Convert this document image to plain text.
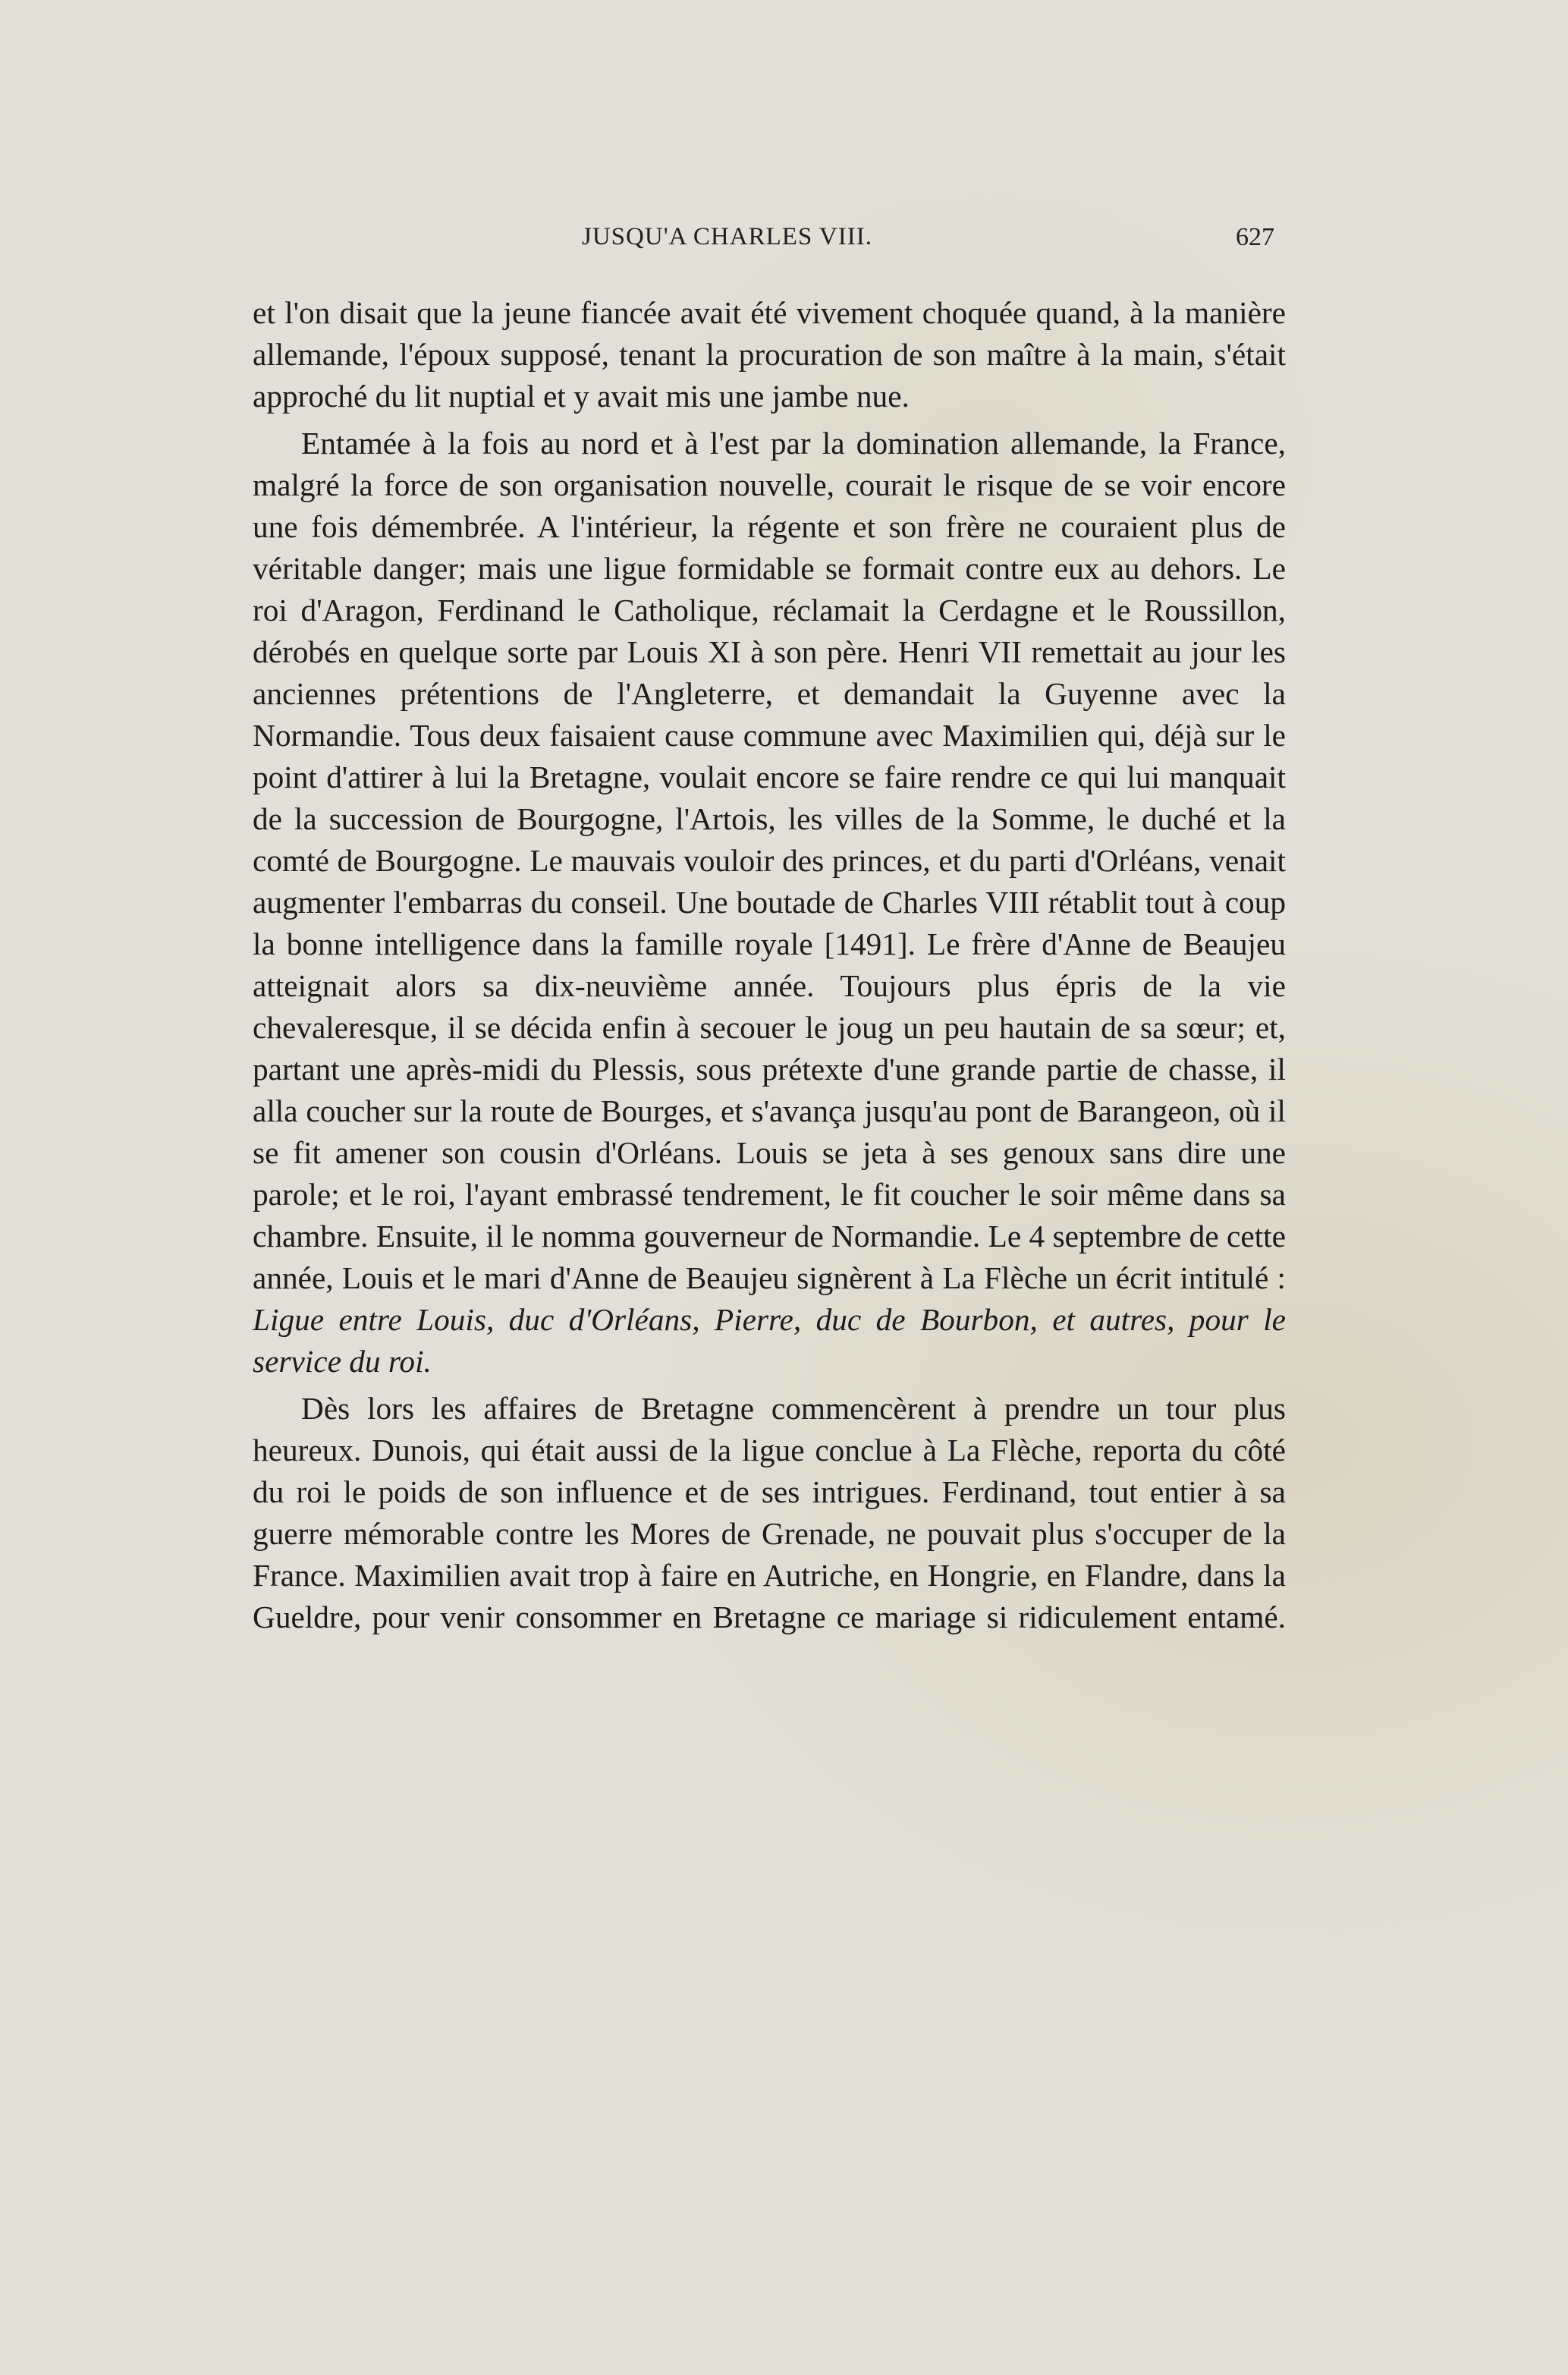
JUSQU'A CHARLES VIII.	627

et l'on disait que la jeune fiancée avait été vivement choquée quand, à la manière allemande, l'époux supposé, tenant la procuration de son maître à la main, s'était approché du lit nuptial et y avait mis une jambe nue.

Entamée à la fois au nord et à l'est par la domination allemande, la France, malgré la force de son organisation nouvelle, courait le risque de se voir encore une fois démembrée. A l'intérieur, la régente et son frère ne couraient plus de véritable danger; mais une ligue formidable se formait contre eux au dehors. Le roi d'Aragon, Ferdinand le Catholique, réclamait la Cerdagne et le Roussillon, dérobés en quelque sorte par Louis XI à son père. Henri VII remettait au jour les anciennes prétentions de l'Angleterre, et demandait la Guyenne avec la Normandie. Tous deux faisaient cause commune avec Maximilien qui, déjà sur le point d'attirer à lui la Bretagne, voulait encore se faire rendre ce qui lui manquait de la succession de Bourgogne, l'Artois, les villes de la Somme, le duché et la comté de Bourgogne. Le mauvais vouloir des princes, et du parti d'Orléans, venait augmenter l'embarras du conseil. Une boutade de Charles VIII rétablit tout à coup la bonne intelligence dans la famille royale [1491]. Le frère d'Anne de Beaujeu atteignait alors sa dix-neuvième année. Toujours plus épris de la vie chevaleresque, il se décida enfin à secouer le joug un peu hautain de sa sœur; et, partant une après-midi du Plessis, sous prétexte d'une grande partie de chasse, il alla coucher sur la route de Bourges, et s'avança jusqu'au pont de Barangeon, où il se fit amener son cousin d'Orléans. Louis se jeta à ses genoux sans dire une parole; et le roi, l'ayant embrassé tendrement, le fit coucher le soir même dans sa chambre. Ensuite, il le nomma gouverneur de Normandie. Le 4 septembre de cette année, Louis et le mari d'Anne de Beaujeu signèrent à La Flèche un écrit intitulé : Ligue entre Louis, duc d'Orléans, Pierre, duc de Bourbon, et autres, pour le service du roi.

Dès lors les affaires de Bretagne commencèrent à prendre un tour plus heureux. Dunois, qui était aussi de la ligue conclue à La Flèche, reporta du côté du roi le poids de son influence et de ses intrigues. Ferdinand, tout entier à sa guerre mémorable contre les Mores de Grenade, ne pouvait plus s'occuper de la France. Maximilien avait trop à faire en Autriche, en Hongrie, en Flandre, dans la Gueldre, pour venir consommer en Bretagne ce mariage si ridiculement entamé.
